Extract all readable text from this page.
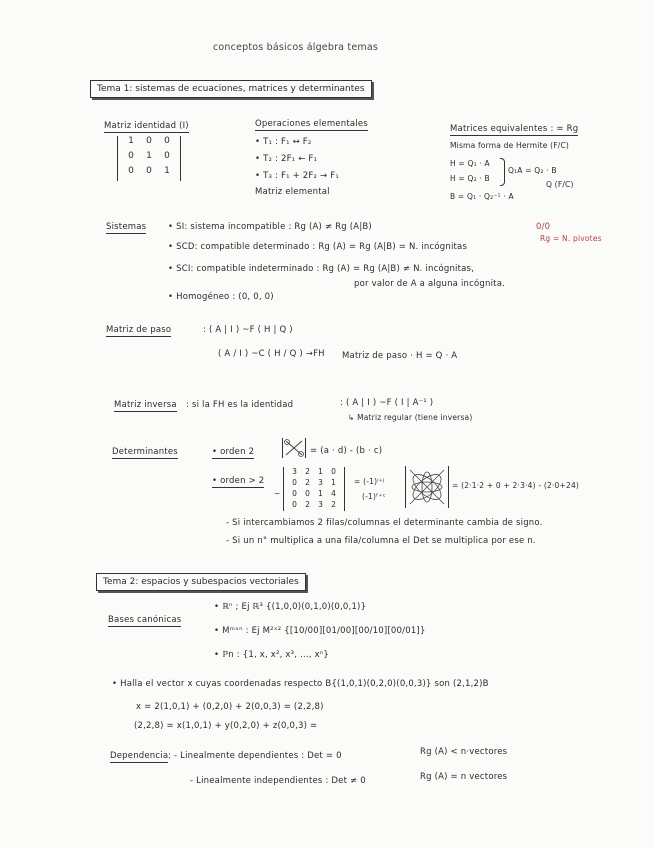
conceptos básicos álgebra temas
Tema 1: sistemas de ecuaciones, matrices y determinantes
Matriz identidad (I)
1	0	0
0	1	0
0	0	1
Operaciones elementales
• T₁ : F₁ ↔ F₂
• T₂ : 2F₁ ← F₁
• T₃ : F₁ + 2F₂ → F₁
Matriz elemental
Matrices equivalentes : = Rg
Misma forma de Hermite (F/C)
H = Q₁ · A
H = Q₂ · B
Q₁A = Q₂ · B
Q (F/C)
B = Q₁ · Q₂⁻¹ · A
Sistemas	• SI: sistema incompatible : Rg (A) ≠ Rg (A|B)
• SCD: compatible determinado : Rg (A) = Rg (A|B) = N. incógnitas
• SCI: compatible indeterminado : Rg (A) = Rg (A|B) ≠ N. incógnitas,
por valor de A a alguna incógnita.
• Homogéneo : (0, 0, 0)
0/0
Rg = N. pivotes
Matriz de paso	: ( A | I ) ~F ( H | Q )
( A / I ) ~C ( H / Q ) →FH Matriz de paso · H = Q · A
Matriz inversa : si la FH es la identidad	: ( A | I ) ~F ( I | A⁻¹ )
↳ Matriz regular (tiene inversa)
Determinantes	• orden 2	= (a · d) - (b · c)
• orden > 2
~
3	2	1	0
0	2	3	1
0	0	1	4
0	2	3	2
= (-1)ⁱ⁺ʲ
(-1)ᶠ⁺ᶜ
= (2·1·2 + 0 + 2·3·4) - (2·0+24)
- Si intercambiamos 2 filas/columnas el determinante cambia de signo.
- Si un n° multiplica a una fila/columna el Det se multiplica por ese n.
Tema 2: espacios y subespacios vectoriales
Bases canónicas
• ℝⁿ ; Ej ℝ³ {(1,0,0)(0,1,0)(0,0,1)}
• Mᵐˣⁿ : Ej M²ˣ² {[10/00][01/00][00/10][00/01]}
• ℙn : {1, x, x², x³, ..., xⁿ}
• Halla el vector x cuyas coordenadas respecto B{(1,0,1)(0,2,0)(0,0,3)} son (2,1,2)B
x = 2(1,0,1) + (0,2,0) + 2(0,0,3) = (2,2,8)
(2,2,8) = x(1,0,1) + y(0,2,0) + z(0,0,3) =
Dependencia : - Linealmente dependientes : Det = 0	Rg (A) < n·vectores
- Linealmente independientes : Det ≠ 0	Rg (A) = n vectores
